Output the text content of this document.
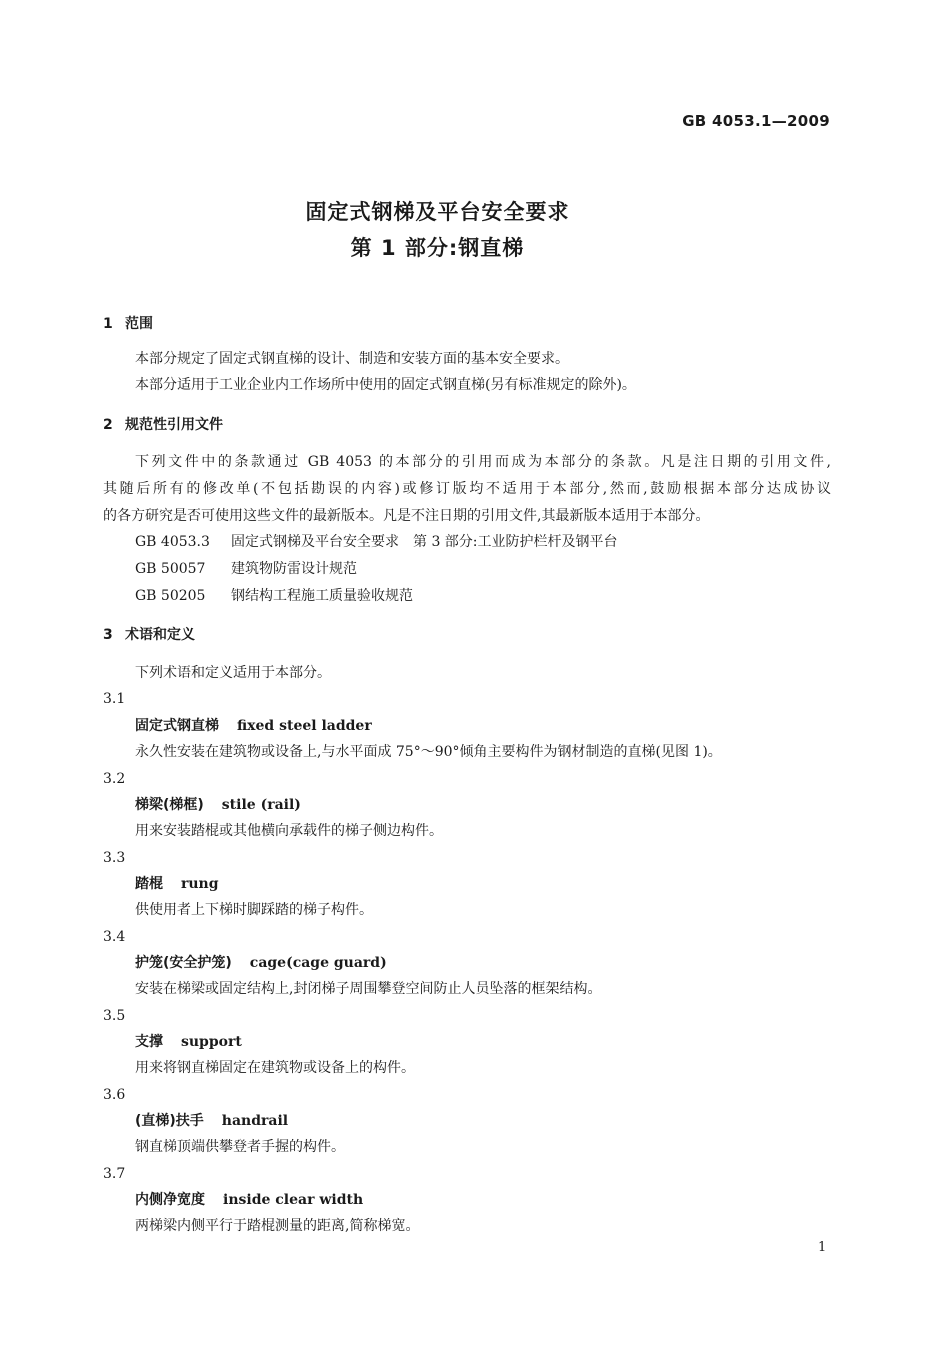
GB 4053.1—2009
固定式钢梯及平台安全要求
第 1 部分:钢直梯
1 范围
本部分规定了固定式钢直梯的设计、制造和安装方面的基本安全要求。
本部分适用于工业企业内工作场所中使用的固定式钢直梯(另有标准规定的除外)。
2 规范性引用文件
下列文件中的条款通过 GB 4053 的本部分的引用而成为本部分的条款。凡是注日期的引用文件,
其随后所有的修改单(不包括勘误的内容)或修订版均不适用于本部分,然而,鼓励根据本部分达成协议
的各方研究是否可使用这些文件的最新版本。凡是不注日期的引用文件,其最新版本适用于本部分。
GB 4053.3 固定式钢梯及平台安全要求　第 3 部分:工业防护栏杆及钢平台
GB 50057 建筑物防雷设计规范
GB 50205 钢结构工程施工质量验收规范
3 术语和定义
下列术语和定义适用于本部分。
3.1
固定式钢直梯 fixed steel ladder
永久性安装在建筑物或设备上,与水平面成 75°～90°倾角主要构件为钢材制造的直梯(见图 1)。
3.2
梯梁(梯框) stile (rail)
用来安装踏棍或其他横向承载件的梯子侧边构件。
3.3
踏棍 rung
供使用者上下梯时脚踩踏的梯子构件。
3.4
护笼(安全护笼) cage(cage guard)
安装在梯梁或固定结构上,封闭梯子周围攀登空间防止人员坠落的框架结构。
3.5
支撑 support
用来将钢直梯固定在建筑物或设备上的构件。
3.6
(直梯)扶手 handrail
钢直梯顶端供攀登者手握的构件。
3.7
内侧净宽度 inside clear width
两梯梁内侧平行于踏棍测量的距离,简称梯宽。
1
